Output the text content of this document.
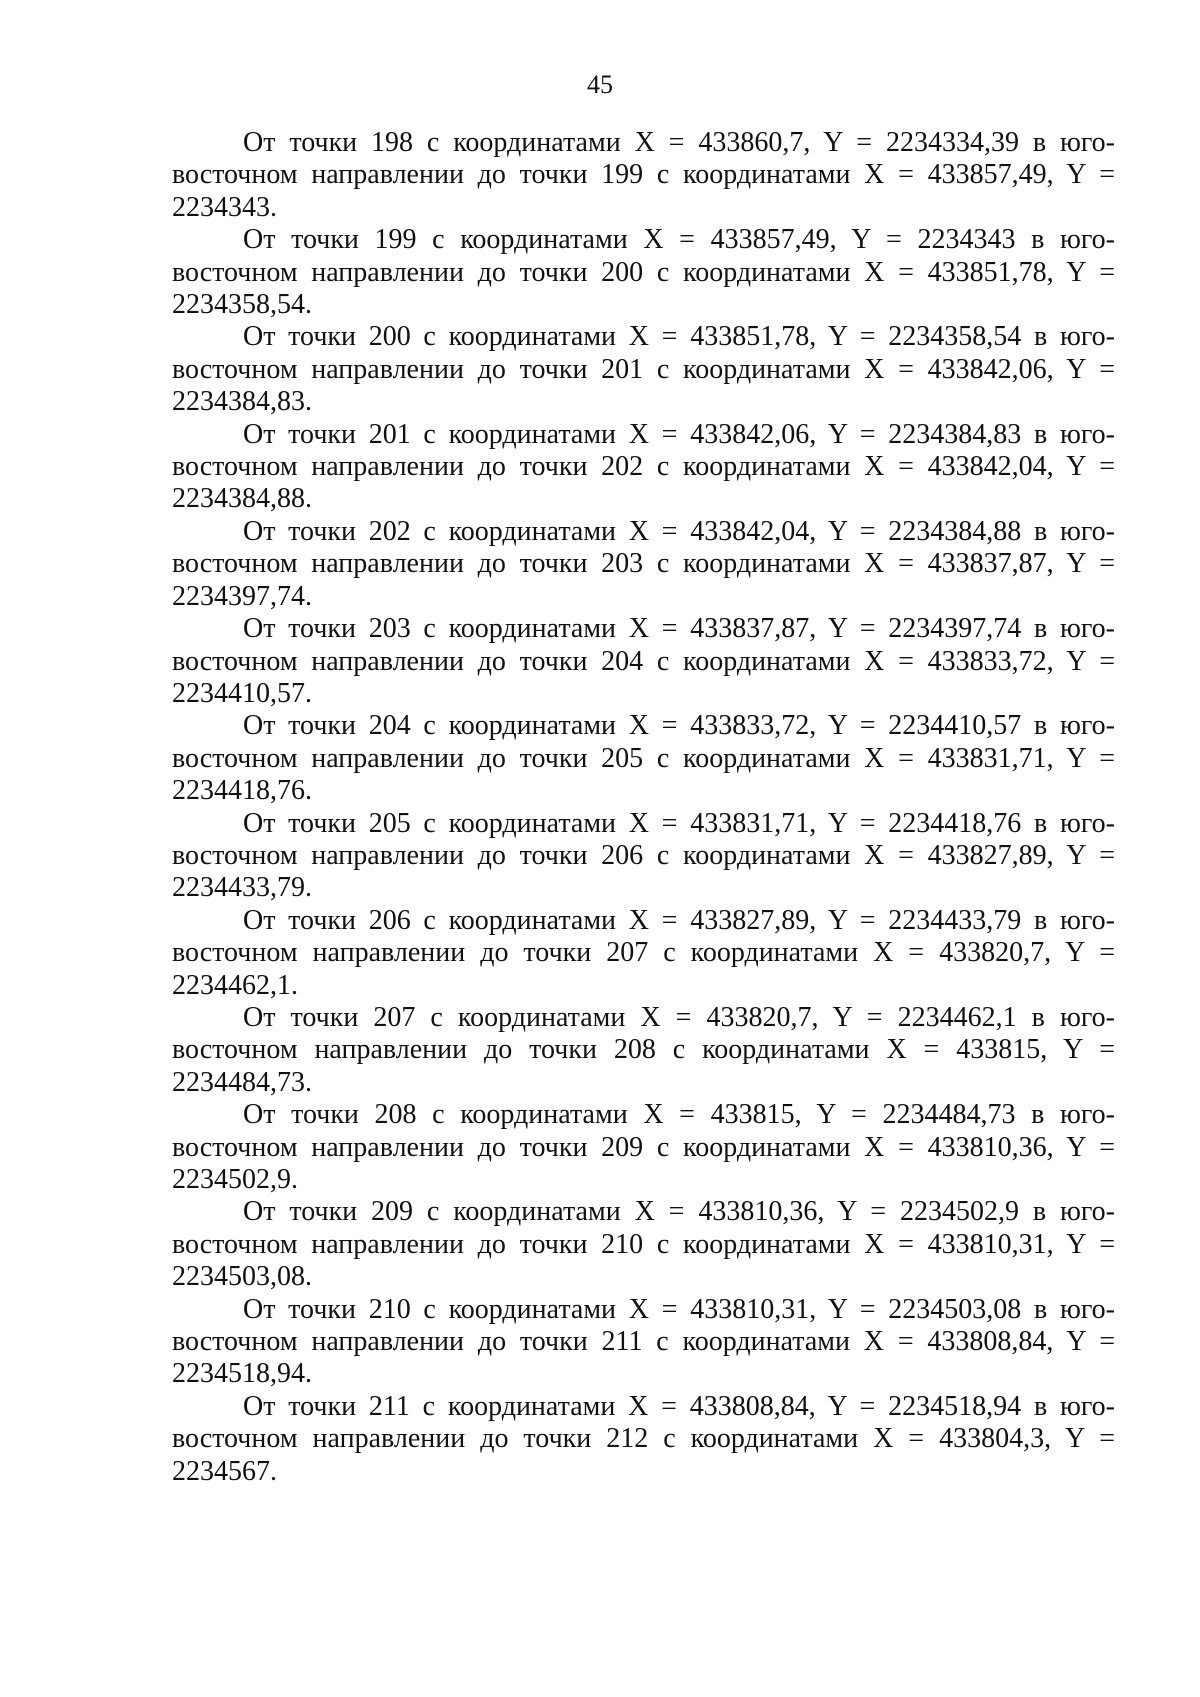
45

От точки 198 с координатами X = 433860,7, Y = 2234334,39 в юго-восточном направлении до точки 199 с координатами X = 433857,49, Y = 2234343.

От точки 199 с координатами X = 433857,49, Y = 2234343 в юго-восточном направлении до точки 200 с координатами X = 433851,78, Y = 2234358,54.

От точки 200 с координатами X = 433851,78, Y = 2234358,54 в юго-восточном направлении до точки 201 с координатами X = 433842,06, Y = 2234384,83.

От точки 201 с координатами X = 433842,06, Y = 2234384,83 в юго-восточном направлении до точки 202 с координатами X = 433842,04, Y = 2234384,88.

От точки 202 с координатами X = 433842,04, Y = 2234384,88 в юго-восточном направлении до точки 203 с координатами X = 433837,87, Y = 2234397,74.

От точки 203 с координатами X = 433837,87, Y = 2234397,74 в юго-восточном направлении до точки 204 с координатами X = 433833,72, Y = 2234410,57.

От точки 204 с координатами X = 433833,72, Y = 2234410,57 в юго-восточном направлении до точки 205 с координатами X = 433831,71, Y = 2234418,76.

От точки 205 с координатами X = 433831,71, Y = 2234418,76 в юго-восточном направлении до точки 206 с координатами X = 433827,89, Y = 2234433,79.

От точки 206 с координатами X = 433827,89, Y = 2234433,79 в юго-восточном направлении до точки 207 с координатами X = 433820,7, Y = 2234462,1.

От точки 207 с координатами X = 433820,7, Y = 2234462,1 в юго-восточном направлении до точки 208 с координатами X = 433815, Y = 2234484,73.

От точки 208 с координатами X = 433815, Y = 2234484,73 в юго-восточном направлении до точки 209 с координатами X = 433810,36, Y = 2234502,9.

От точки 209 с координатами X = 433810,36, Y = 2234502,9 в юго-восточном направлении до точки 210 с координатами X = 433810,31, Y = 2234503,08.

От точки 210 с координатами X = 433810,31, Y = 2234503,08 в юго-восточном направлении до точки 211 с координатами X = 433808,84, Y = 2234518,94.

От точки 211 с координатами X = 433808,84, Y = 2234518,94 в юго-восточном направлении до точки 212 с координатами X = 433804,3, Y = 2234567.
